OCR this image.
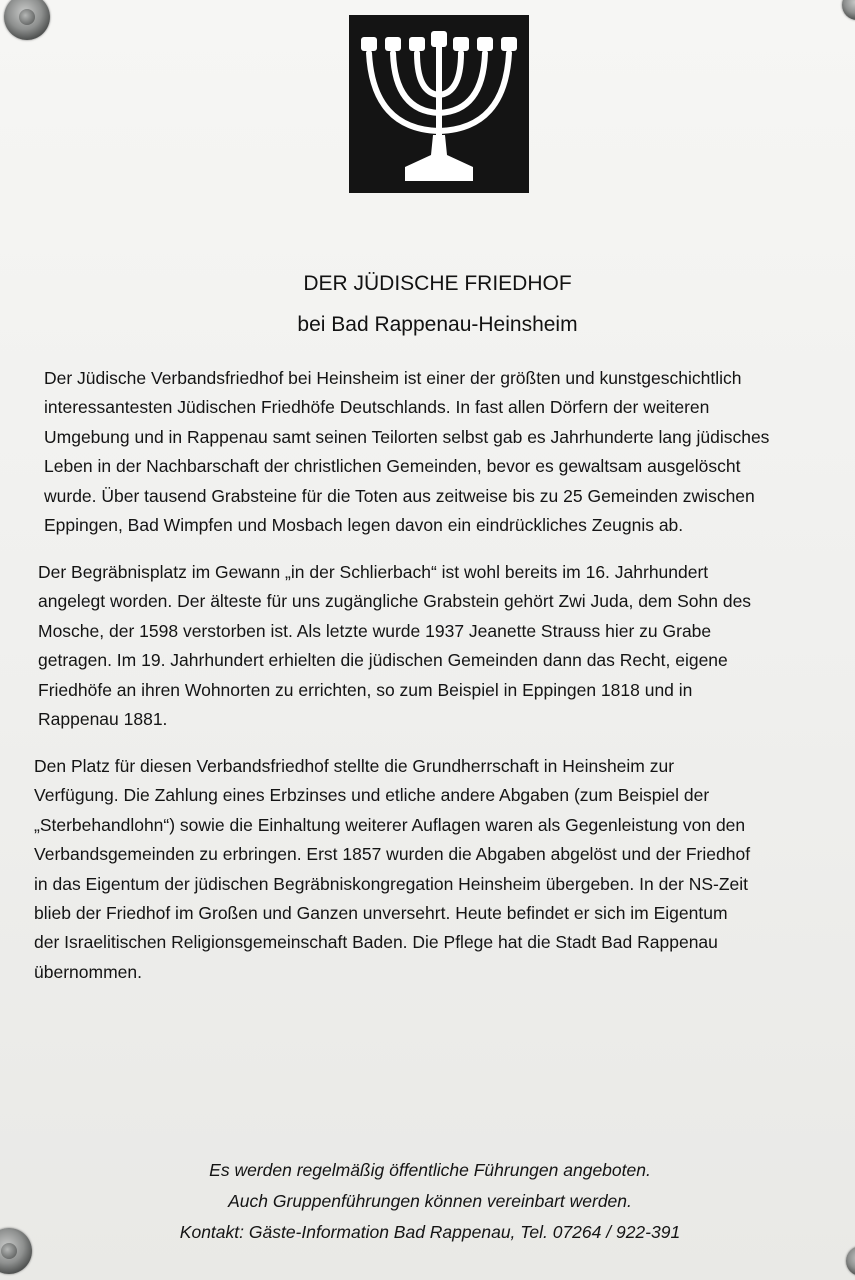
DER JÜDISCHE FRIEDHOF
bei Bad Rappenau-Heinsheim

Der Jüdische Verbandsfriedhof bei Heinsheim ist einer der größten und kunstgeschichtlich
interessantesten Jüdischen Friedhöfe Deutschlands. In fast allen Dörfern der weiteren
Umgebung und in Rappenau samt seinen Teilorten selbst gab es Jahrhunderte lang jüdisches
Leben in der Nachbarschaft der christlichen Gemeinden, bevor es gewaltsam ausgelöscht
wurde. Über tausend Grabsteine für die Toten aus zeitweise bis zu 25 Gemeinden zwischen
Eppingen, Bad Wimpfen und Mosbach legen davon ein eindrückliches Zeugnis ab.

Der Begräbnisplatz im Gewann „in der Schlierbach“ ist wohl bereits im 16. Jahrhundert
angelegt worden. Der älteste für uns zugängliche Grabstein gehört Zwi Juda, dem Sohn des
Mosche, der 1598 verstorben ist. Als letzte wurde 1937 Jeanette Strauss hier zu Grabe
getragen. Im 19. Jahrhundert erhielten die jüdischen Gemeinden dann das Recht, eigene
Friedhöfe an ihren Wohnorten zu errichten, so zum Beispiel in Eppingen 1818 und in
Rappenau 1881.

Den Platz für diesen Verbandsfriedhof stellte die Grundherrschaft in Heinsheim zur
Verfügung. Die Zahlung eines Erbzinses und etliche andere Abgaben (zum Beispiel der
„Sterbehandlohn“) sowie die Einhaltung weiterer Auflagen waren als Gegenleistung von den
Verbandsgemeinden zu erbringen. Erst 1857 wurden die Abgaben abgelöst und der Friedhof
in das Eigentum der jüdischen Begräbniskongregation Heinsheim übergeben. In der NS-Zeit
blieb der Friedhof im Großen und Ganzen unversehrt. Heute befindet er sich im Eigentum
der Israelitischen Religionsgemeinschaft Baden. Die Pflege hat die Stadt Bad Rappenau
übernommen.

Es werden regelmäßig öffentliche Führungen angeboten.
Auch Gruppenführungen können vereinbart werden.
Kontakt: Gäste-Information Bad Rappenau, Tel. 07264 / 922-391
